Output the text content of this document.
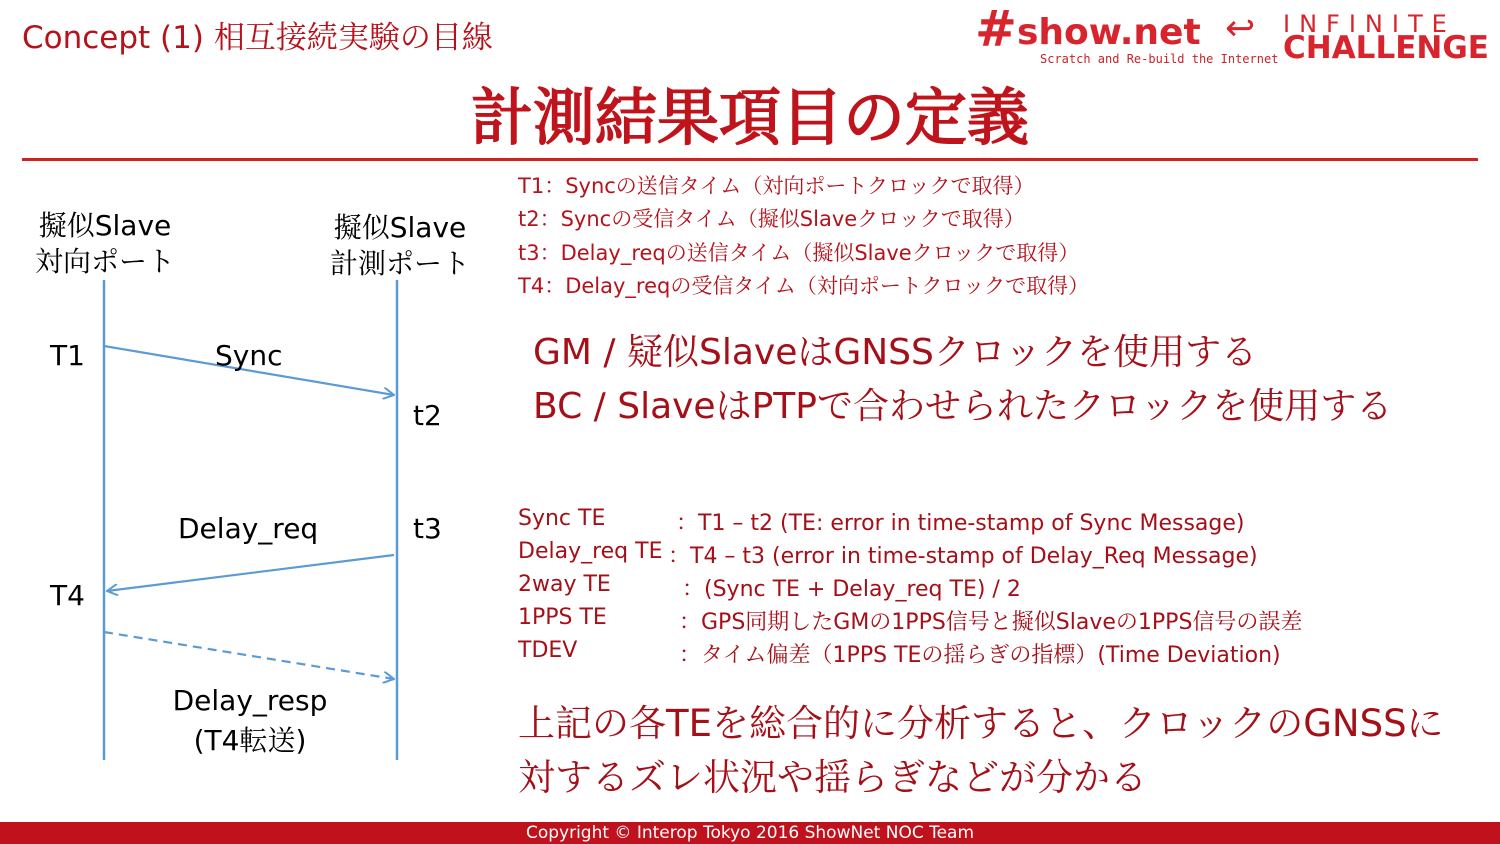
Concept (1) 相互接続実験の目線	# show.net
Scratch and Re-build the Internet
↩ INFINITE
CHALLENGE
計測結果項目の定義
擬似Slave
対向ポート
擬似Slave
計測ポート
T1	Sync
t2
Delay_req	t3
T4
Delay_resp
(T4転送)
T1：Syncの送信タイム（対向ポートクロックで取得）
t2：Syncの受信タイム（擬似Slaveクロックで取得）
t3：Delay_reqの送信タイム（擬似Slaveクロックで取得）
T4：Delay_reqの受信タイム（対向ポートクロックで取得）
GM / 疑似SlaveはGNSSクロックを使用する
BC / SlaveはPTPで合わせられたクロックを使用する
Sync TE	：T1 – t2 (TE: error in time-stamp of Sync Message)
Delay_req TE ：T4 – t3 (error in time-stamp of Delay_Req Message)
2way TE	：(Sync TE + Delay_req TE) / 2
1PPS TE	：GPS同期したGMの1PPS信号と擬似Slaveの1PPS信号の誤差
TDEV	：タイム偏差（1PPS TEの揺らぎの指標）(Time Deviation)
上記の各TEを総合的に分析すると、クロックのGNSSに
対するズレ状況や揺らぎなどが分かる
Copyright © Interop Tokyo 2016 ShowNet NOC Team
